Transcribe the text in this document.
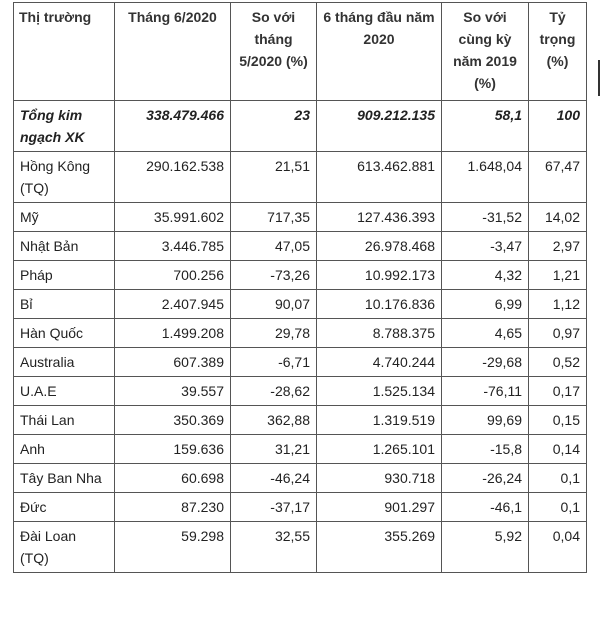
Thị trường	Tháng 6/2020	So với tháng 5/2020 (%)	6 tháng đầu năm 2020	So với cùng kỳ năm 2019 (%)	Tỷ trọng (%)
Tổng kim ngạch XK	338.479.466	23	909.212.135	58,1	100
Hồng Kông (TQ)	290.162.538	21,51	613.462.881	1.648,04	67,47
Mỹ	35.991.602	717,35	127.436.393	-31,52	14,02
Nhật Bản	3.446.785	47,05	26.978.468	-3,47	2,97
Pháp	700.256	-73,26	10.992.173	4,32	1,21
Bỉ	2.407.945	90,07	10.176.836	6,99	1,12
Hàn Quốc	1.499.208	29,78	8.788.375	4,65	0,97
Australia	607.389	-6,71	4.740.244	-29,68	0,52
U.A.E	39.557	-28,62	1.525.134	-76,11	0,17
Thái Lan	350.369	362,88	1.319.519	99,69	0,15
Anh	159.636	31,21	1.265.101	-15,8	0,14
Tây Ban Nha	60.698	-46,24	930.718	-26,24	0,1
Đức	87.230	-37,17	901.297	-46,1	0,1
Đài Loan (TQ)	59.298	32,55	355.269	5,92	0,04
